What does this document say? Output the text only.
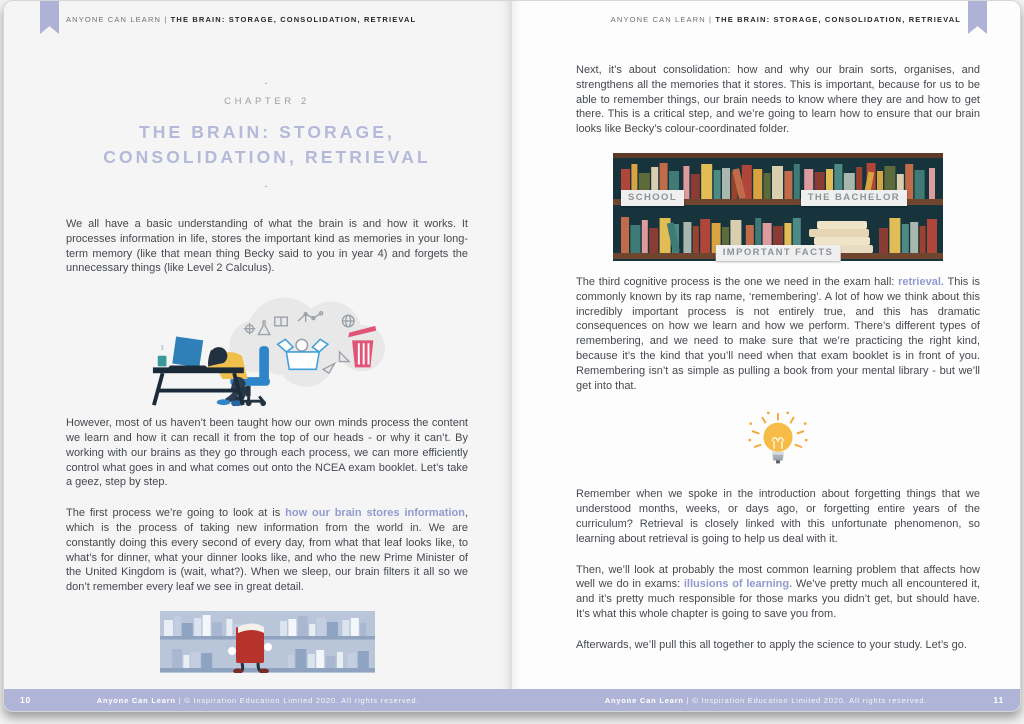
ANYONE CAN LEARN | THE BRAIN: STORAGE, CONSOLIDATION, RETRIEVAL
-
CHAPTER 2
THE BRAIN: STORAGE,
CONSOLIDATION, RETRIEVAL
-

We all have a basic understanding of what the brain is and how it works. It processes information in life, stores the important kind as memories in your long-term memory (like that mean thing Becky said to you in year 4) and forgets the unnecessary things (like Level 2 Calculus).

However, most of us haven’t been taught how our own minds process the content we learn and how it can recall it from the top of our heads - or why it can’t. By working with our brains as they go through each process, we can more efficiently control what goes in and what comes out onto the NCEA exam booklet. Let’s take a geez, step by step.

The first process we’re going to look at is how our brain stores information, which is the process of taking new information from the world in. We are constantly doing this every second of every day, from what that leaf looks like, to what’s for dinner, what your dinner looks like, and who the new Prime Minister of the United Kingdom is (wait, what?). When we sleep, our brain filters it all so we don’t remember every leaf we see in great detail.

10	Anyone Can Learn | © Inspiration Education Limited 2020. All rights reserved.
ANYONE CAN LEARN | THE BRAIN: STORAGE, CONSOLIDATION, RETRIEVAL

Next, it’s about consolidation: how and why our brain sorts, organises, and strengthens all the memories that it stores. This is important, because for us to be able to remember things, our brain needs to know where they are and how to get there. This is a critical step, and we’re going to learn how to ensure that our brain looks like Becky’s colour-coordinated folder.

SCHOOL	THE BACHELOR
IMPORTANT FACTS

The third cognitive process is the one we need in the exam hall: retrieval. This is commonly known by its rap name, ‘remembering’. A lot of how we think about this incredibly important process is not entirely true, and this has dramatic consequences on how we learn and how we perform. There’s different types of remembering, and we need to make sure that we’re practicing the right kind, because it’s the kind that you’ll need when that exam booklet is in front of you. Remembering isn’t as simple as pulling a book from your mental library - but we’ll get into that.

Remember when we spoke in the introduction about forgetting things that we understood months, weeks, or days ago, or forgetting entire years of the curriculum? Retrieval is closely linked with this unfortunate phenomenon, so learning about retrieval is going to help us deal with it.

Then, we’ll look at probably the most common learning problem that affects how well we do in exams: illusions of learning. We’ve pretty much all encountered it, and it’s pretty much responsible for those marks you didn’t get, but should have. It’s what this whole chapter is going to save you from.

Afterwards, we’ll pull this all together to apply the science to your study. Let’s go.

11
Anyone Can Learn | © Inspiration Education Limited 2020. All rights reserved.
